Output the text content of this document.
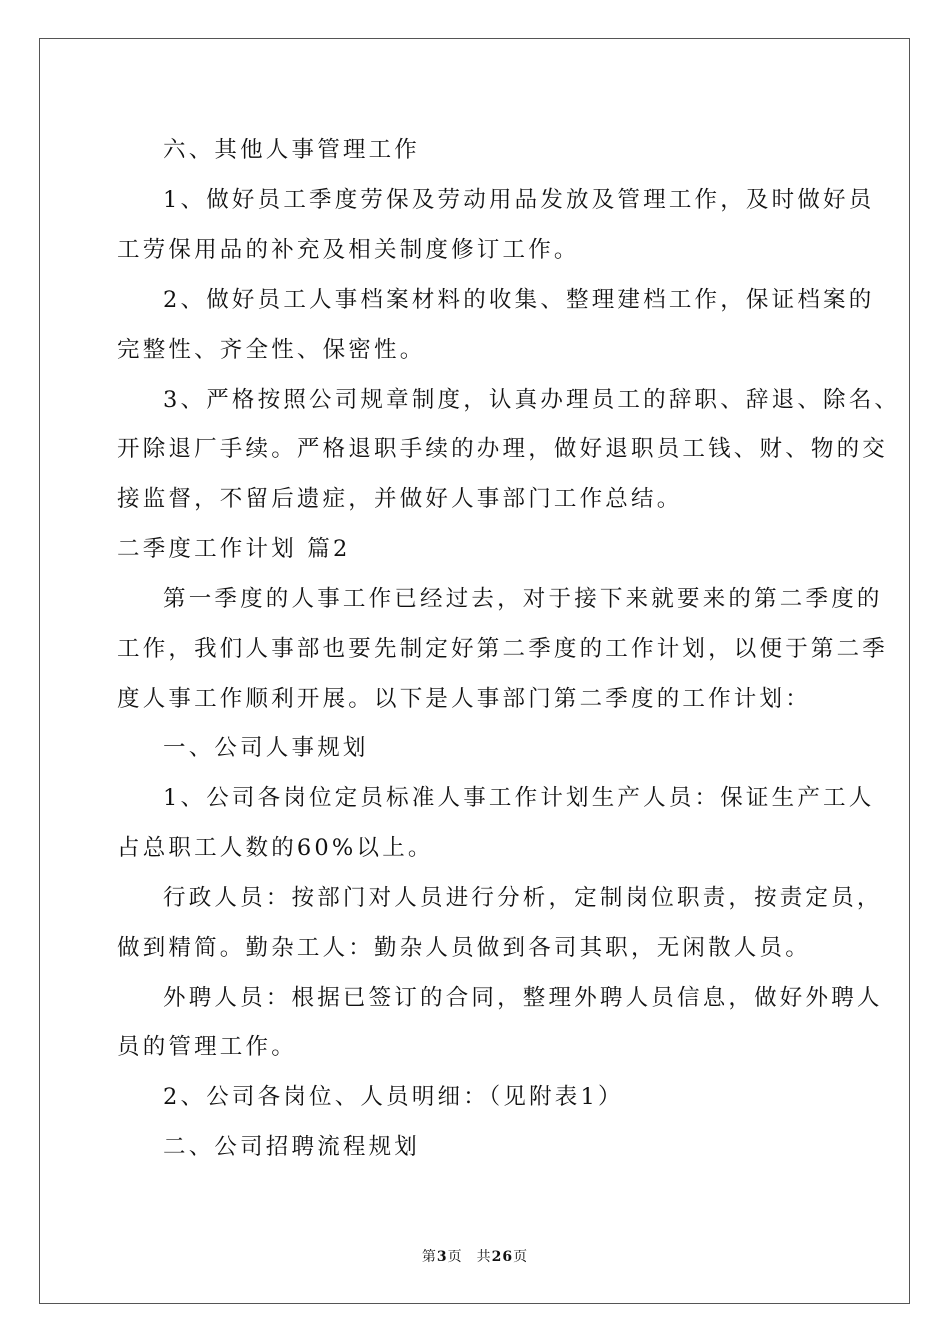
六、其他人事管理工作
1、做好员工季度劳保及劳动用品发放及管理工作，及时做好员
工劳保用品的补充及相关制度修订工作。
2、做好员工人事档案材料的收集、整理建档工作，保证档案的
完整性、齐全性、保密性。
3、严格按照公司规章制度，认真办理员工的辞职、辞退、除名、
开除退厂手续。严格退职手续的办理，做好退职员工钱、财、物的交
接监督，不留后遗症，并做好人事部门工作总结。
二季度工作计划 篇2
第一季度的人事工作已经过去，对于接下来就要来的第二季度的
工作，我们人事部也要先制定好第二季度的工作计划，以便于第二季
度人事工作顺利开展。以下是人事部门第二季度的工作计划：
一、公司人事规划
1、公司各岗位定员标准人事工作计划生产人员：保证生产工人
占总职工人数的60%以上。
行政人员：按部门对人员进行分析，定制岗位职责，按责定员，
做到精简。勤杂工人：勤杂人员做到各司其职，无闲散人员。
外聘人员：根据已签订的合同，整理外聘人员信息，做好外聘人
员的管理工作。
2、公司各岗位、人员明细：（见附表1）
二、公司招聘流程规划
第3页 共26页
